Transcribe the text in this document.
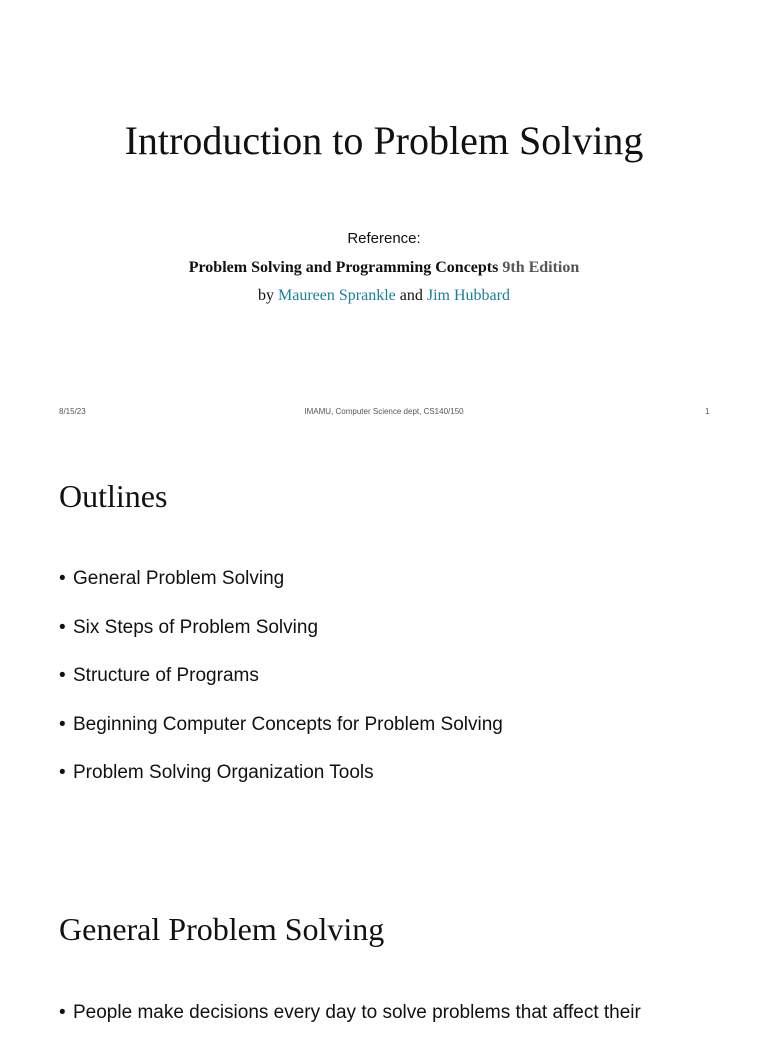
Introduction to Problem Solving
Reference:
Problem Solving and Programming Concepts 9th Edition
by Maureen Sprankle and Jim Hubbard
8/15/23	IMAMU, Computer Science dept, CS140/150	1
Outlines
• General Problem Solving
• Six Steps of Problem Solving
• Structure of Programs
• Beginning Computer Concepts for Problem Solving
• Problem Solving Organization Tools
General Problem Solving
• People make decisions every day to solve problems that affect their
